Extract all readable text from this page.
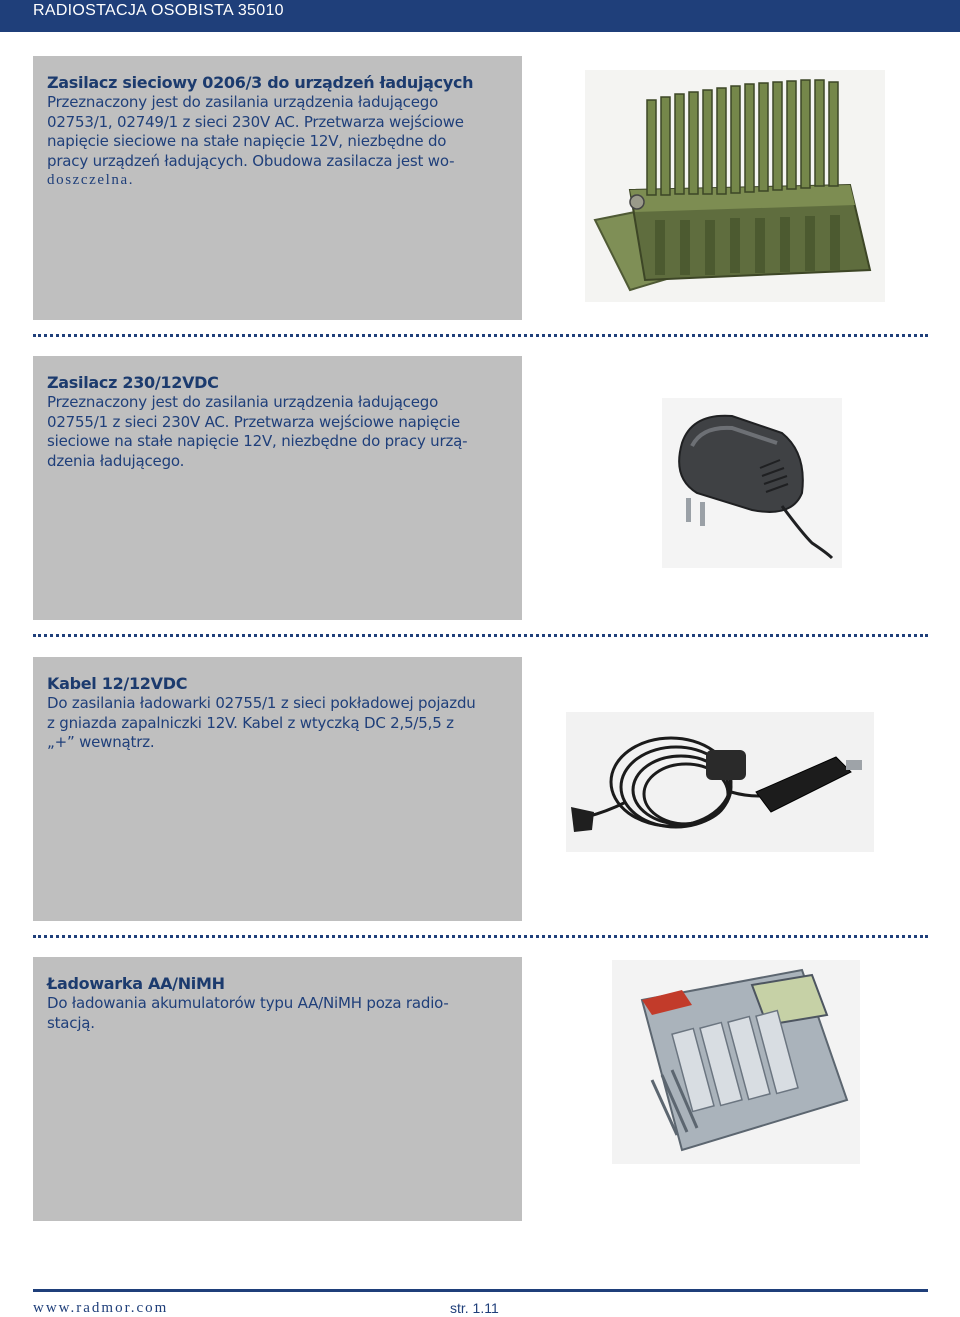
RADIOSTACJA OSOBISTA 35010
Zasilacz sieciowy 0206/3 do urządzeń ładujących
Przeznaczony jest do zasilania urządzenia ładującego
02753/1, 02749/1 z sieci 230V AC. Przetwarza wejściowe
napięcie sieciowe na stałe napięcie 12V, niezbędne do
pracy urządzeń ładujących. Obudowa zasilacza jest wo-
doszczelna.
Zasilacz 230/12VDC
Przeznaczony jest do zasilania urządzenia ładującego
02755/1 z sieci 230V AC. Przetwarza wejściowe napięcie
sieciowe na stałe napięcie 12V, niezbędne do pracy urzą-
dzenia ładującego.
Kabel 12/12VDC
Do zasilania ładowarki 02755/1 z sieci pokładowej pojazdu
z gniazda zapalniczki 12V. Kabel z wtyczką DC 2,5/5,5 z
„+” wewnątrz.
Ładowarka AA/NiMH
Do ładowania akumulatorów typu AA/NiMH poza radio-
stacją.
www.radmor.com	str. 1.11
